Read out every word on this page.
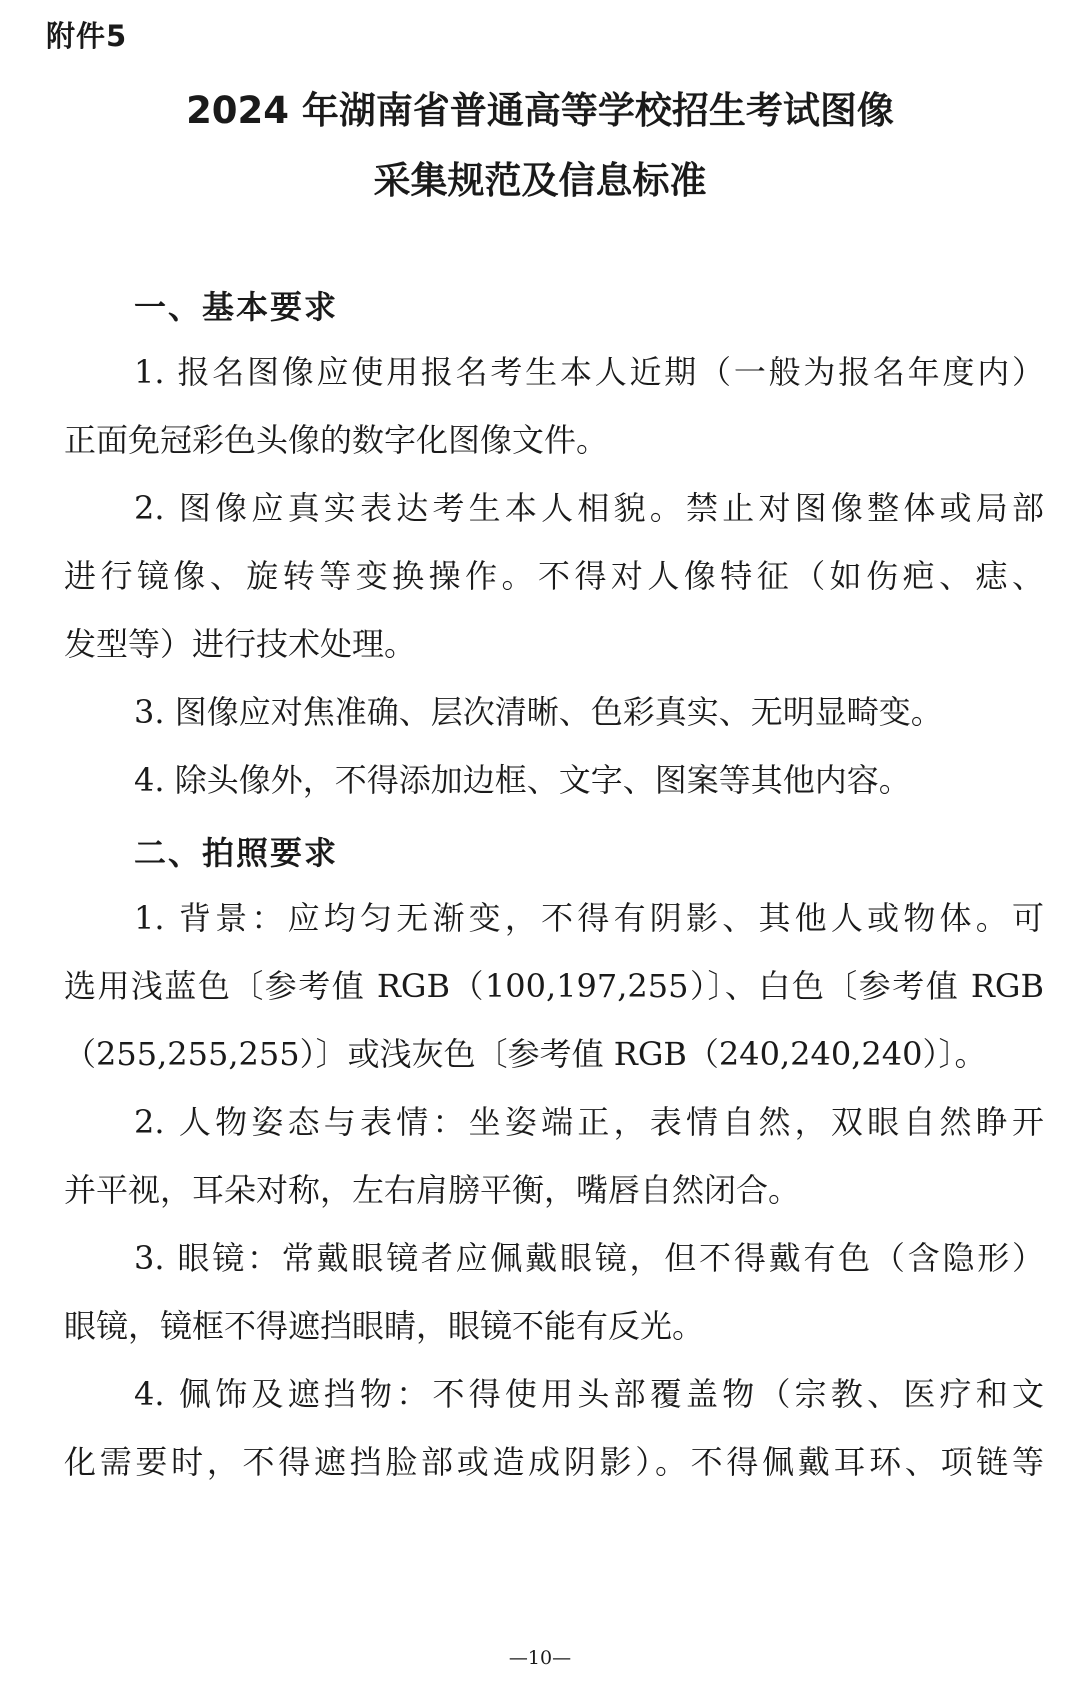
附件5
2024 年湖南省普通高等学校招生考试图像
采集规范及信息标准
一、基本要求
1. 报名图像应使用报名考生本人近期（一般为报名年度内）
正面免冠彩色头像的数字化图像文件。
2. 图像应真实表达考生本人相貌。禁止对图像整体或局部
进行镜像、旋转等变换操作。不得对人像特征（如伤疤、痣、
发型等）进行技术处理。
3. 图像应对焦准确、层次清晰、色彩真实、无明显畸变。
4. 除头像外，不得添加边框、文字、图案等其他内容。
二、拍照要求
1. 背景：应均匀无渐变，不得有阴影、其他人或物体。可
选用浅蓝色〔参考值 RGB（100,197,255）〕、白色〔参考值 RGB
（255,255,255）〕或浅灰色〔参考值 RGB（240,240,240）〕。
2. 人物姿态与表情：坐姿端正，表情自然，双眼自然睁开
并平视，耳朵对称，左右肩膀平衡，嘴唇自然闭合。
3. 眼镜：常戴眼镜者应佩戴眼镜，但不得戴有色（含隐形）
眼镜，镜框不得遮挡眼睛，眼镜不能有反光。
4. 佩饰及遮挡物：不得使用头部覆盖物（宗教、医疗和文
化需要时，不得遮挡脸部或造成阴影）。不得佩戴耳环、项链等
—10—
